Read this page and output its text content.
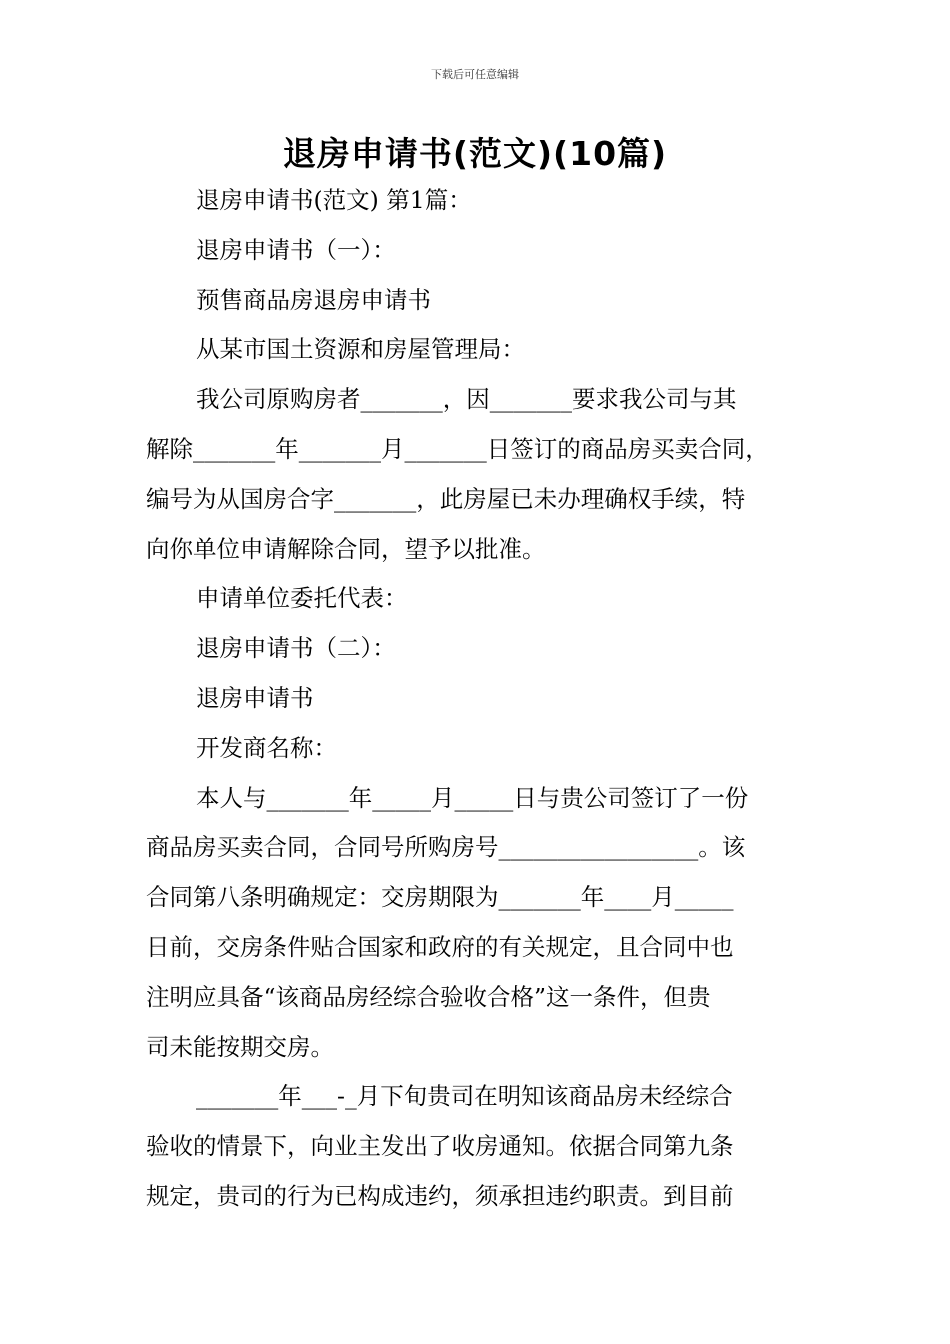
下载后可任意编辑
退房申请书(范文)(10篇)
退房申请书(范文) 第1篇：
退房申请书（一）：
预售商品房退房申请书
从某市国土资源和房屋管理局：
我公司原购房者_______，因_______要求我公司与其
解除_______年_______月_______日签订的商品房买卖合同，
编号为从国房合字_______，此房屋已未办理确权手续，特
向你单位申请解除合同，望予以批准。
申请单位委托代表：
退房申请书（二）：
退房申请书
开发商名称：
本人与_______年_____月_____日与贵公司签订了一份
商品房买卖合同，合同号所购房号_________________。该
合同第八条明确规定：交房期限为_______年____月_____
日前，交房条件贴合国家和政府的有关规定，且合同中也
注明应具备“该商品房经综合验收合格”这一条件，但贵
司未能按期交房。
_______年___-_月下旬贵司在明知该商品房未经综合
验收的情景下，向业主发出了收房通知。依据合同第九条
规定，贵司的行为已构成违约，须承担违约职责。到目前
